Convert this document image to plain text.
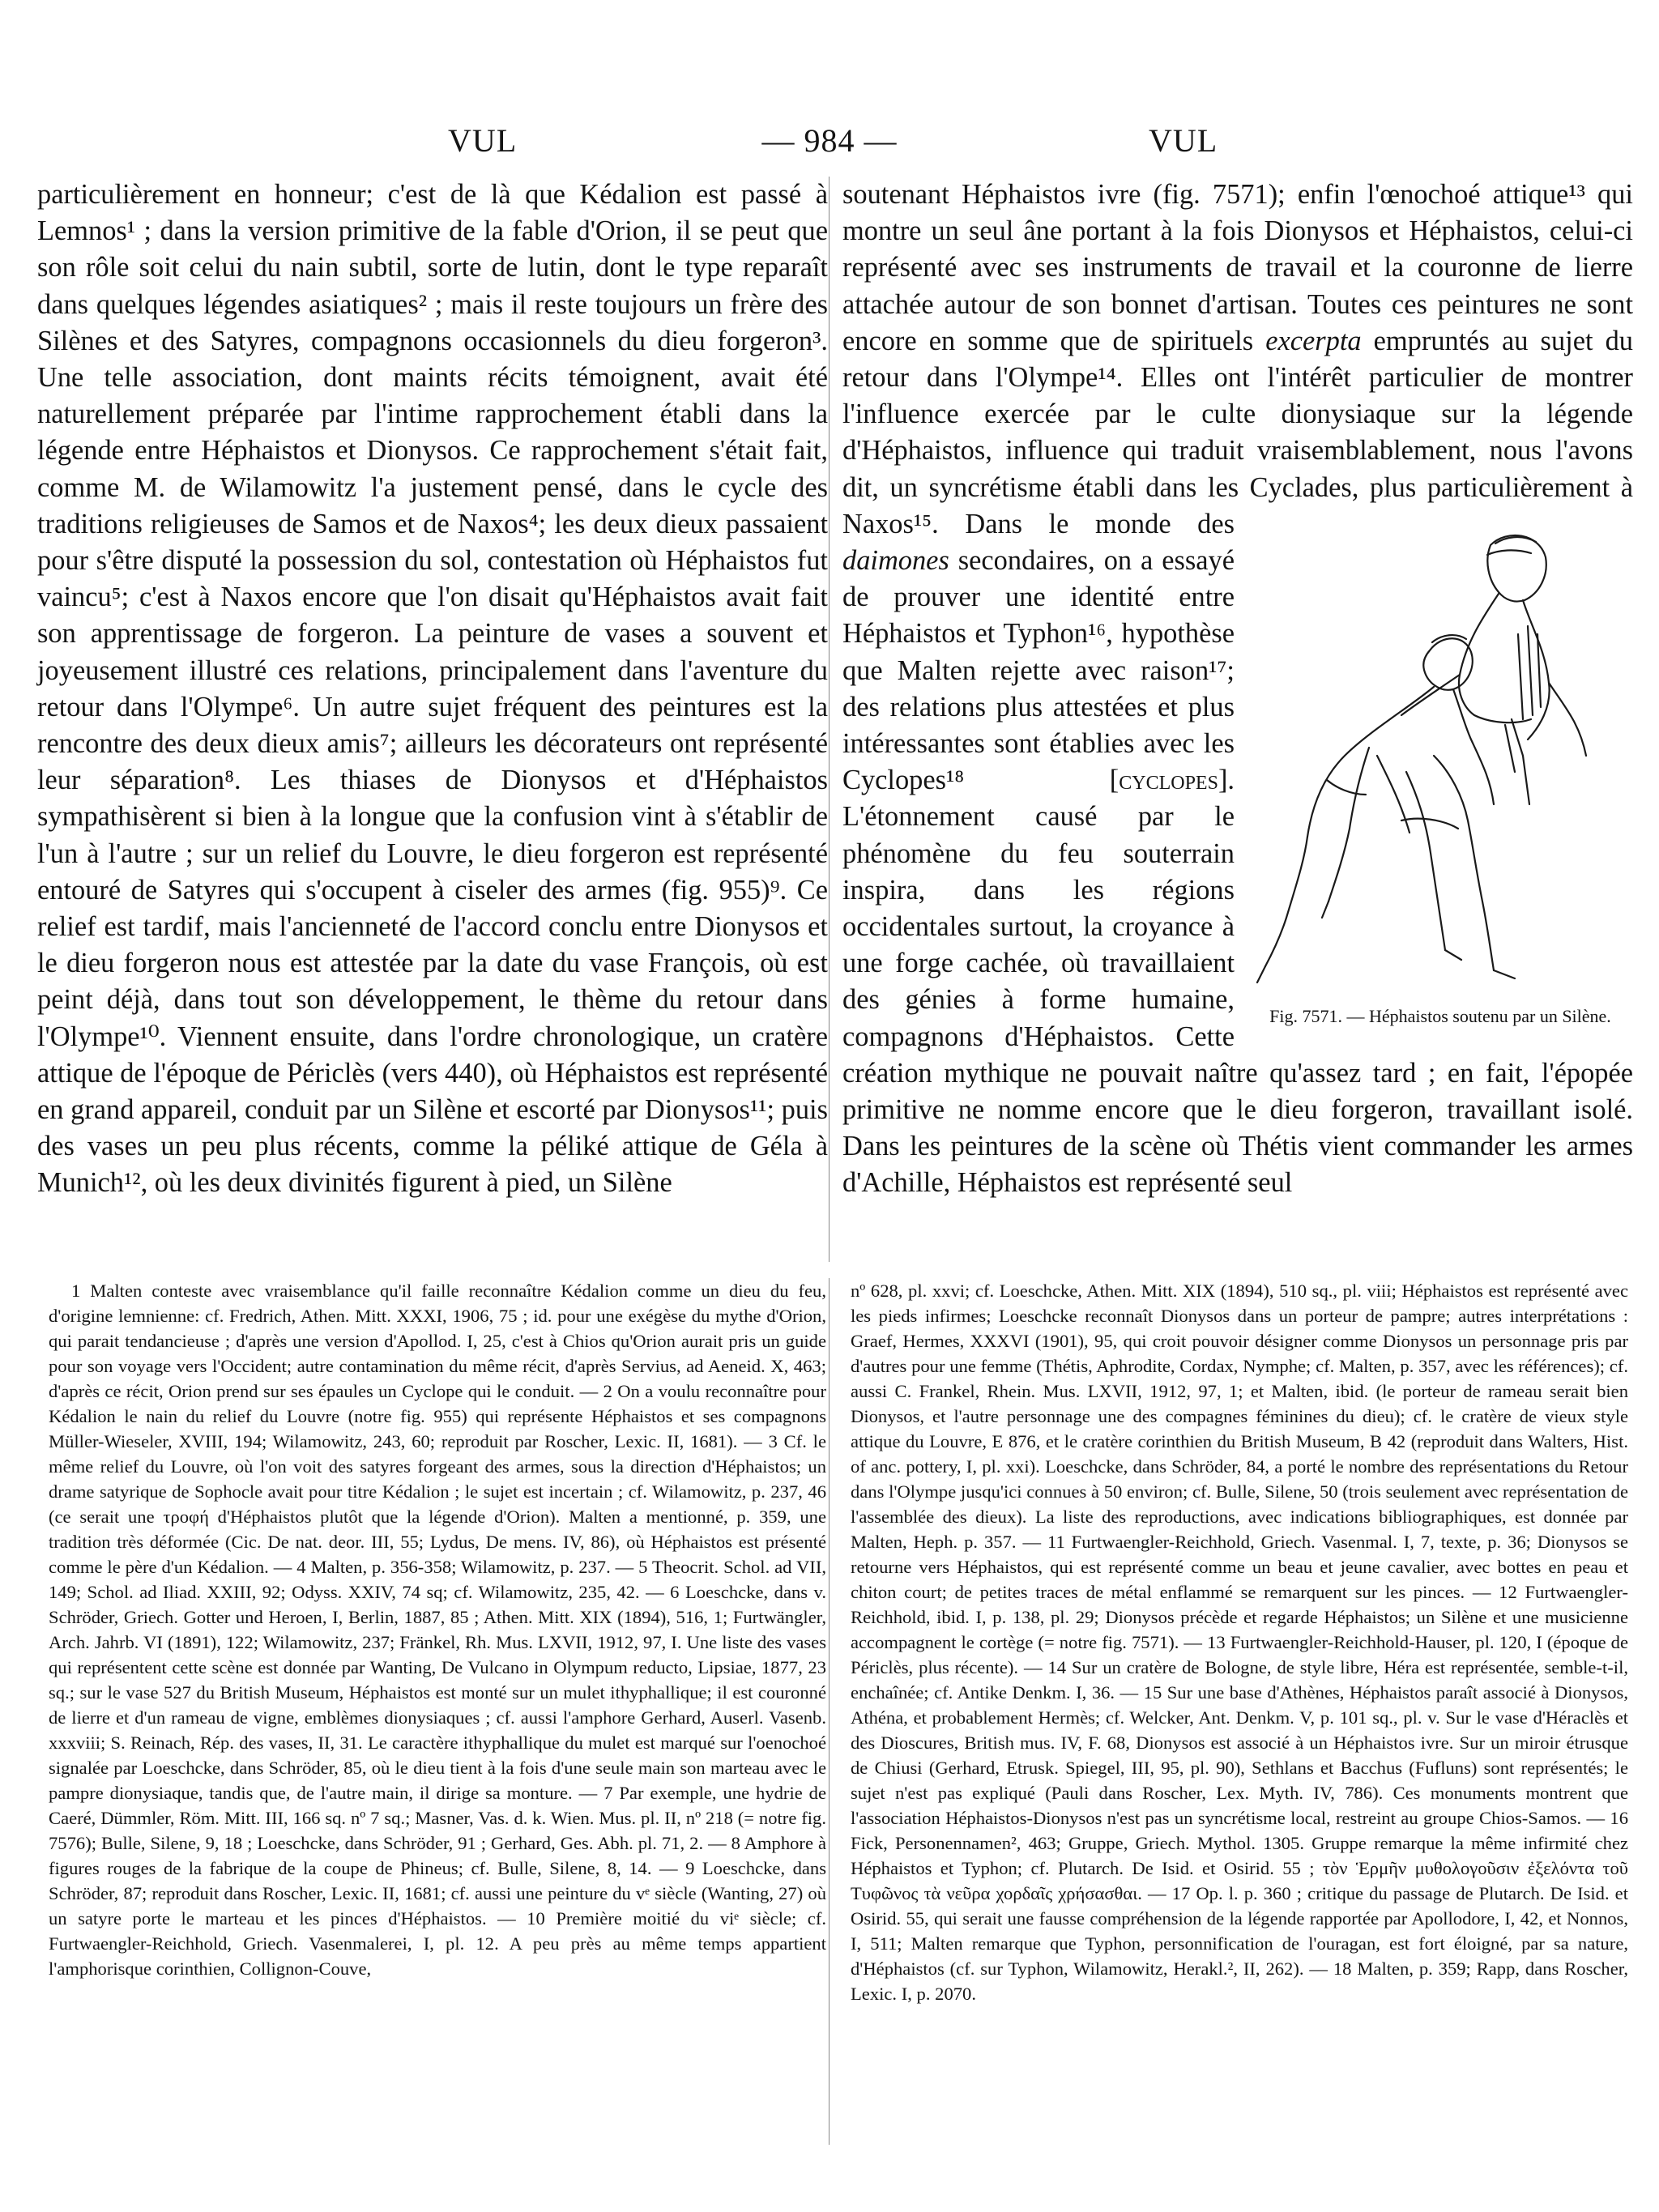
VUL	— 984 —	VUL
particulièrement en honneur; c'est de là que Kédalion est passé à Lemnos¹ ; dans la version primitive de la fable d'Orion, il se peut que son rôle soit celui du nain subtil, sorte de lutin, dont le type reparaît dans quelques légendes asiatiques² ; mais il reste toujours un frère des Silènes et des Satyres, compagnons occasionnels du dieu forgeron³. Une telle association, dont maints récits témoignent, avait été naturellement préparée par l'intime rapprochement établi dans la légende entre Héphaistos et Dionysos. Ce rapprochement s'était fait, comme M. de Wilamowitz l'a justement pensé, dans le cycle des traditions religieuses de Samos et de Naxos⁴; les deux dieux passaient pour s'être disputé la possession du sol, contestation où Héphaistos fut vaincu⁵; c'est à Naxos encore que l'on disait qu'Héphaistos avait fait son apprentissage de forgeron. La peinture de vases a souvent et joyeusement illustré ces relations, principalement dans l'aventure du retour dans l'Olympe⁶. Un autre sujet fréquent des peintures est la rencontre des deux dieux amis⁷; ailleurs les décorateurs ont représenté leur séparation⁸. Les thiases de Dionysos et d'Héphaistos sympathisèrent si bien à la longue que la confusion vint à s'établir de l'un à l'autre ; sur un relief du Louvre, le dieu forgeron est représenté entouré de Satyres qui s'occupent à ciseler des armes (fig. 955)⁹. Ce relief est tardif, mais l'ancienneté de l'accord conclu entre Dionysos et le dieu forgeron nous est attestée par la date du vase François, où est peint déjà, dans tout son développement, le thème du retour dans l'Olympe¹⁰. Viennent ensuite, dans l'ordre chronologique, un cratère attique de l'époque de Périclès (vers 440), où Héphaistos est représenté en grand appareil, conduit par un Silène et escorté par Dionysos¹¹; puis des vases un peu plus récents, comme la péliké attique de Géla à Munich¹², où les deux divinités figurent à pied, un Silène
soutenant Héphaistos ivre (fig. 7571); enfin l'œnochoé attique¹³ qui montre un seul âne portant à la fois Dionysos et Héphaistos, celui-ci représenté avec ses instruments de travail et la couronne de lierre attachée autour de son bonnet d'artisan. Toutes ces peintures ne sont encore en somme que de spirituels excerpta empruntés au sujet du retour dans l'Olympe¹⁴. Elles ont l'intérêt particulier de montrer l'influence exercée par le culte dionysiaque sur la légende d'Héphaistos, influence qui traduit vraisemblablement, nous l'avons dit, un syncrétisme établi dans les Cyclades, plus particulièrement à Naxos¹⁵.
Fig. 7571. — Héphaistos soutenu par un Silène.
Dans le monde des daimones secondaires, on a essayé de prouver une identité entre Héphaistos et Typhon¹⁶, hypothèse que Malten rejette avec raison¹⁷; des relations plus attestées et plus intéressantes sont établies avec les Cyclopes¹⁸ [cyclopes]. L'étonnement causé par le phénomène du feu souterrain inspira, dans les régions occidentales surtout, la croyance à une forge cachée, où travaillaient des génies à forme humaine, compagnons d'Héphaistos. Cette création mythique ne pouvait naître qu'assez tard ; en fait, l'épopée primitive ne nomme encore que le dieu forgeron, travaillant isolé. Dans les peintures de la scène où Thétis vient commander les armes d'Achille, Héphaistos est représenté seul
1 Malten conteste avec vraisemblance qu'il faille reconnaître Kédalion comme un dieu du feu, d'origine lemnienne: cf. Fredrich, Athen. Mitt. XXXI, 1906, 75 ; id. pour une exégèse du mythe d'Orion, qui parait tendancieuse ; d'après une version d'Apollod. I, 25, c'est à Chios qu'Orion aurait pris un guide pour son voyage vers l'Occident; autre contamination du même récit, d'après Servius, ad Aeneid. X, 463; d'après ce récit, Orion prend sur ses épaules un Cyclope qui le conduit. — 2 On a voulu reconnaître pour Kédalion le nain du relief du Louvre (notre fig. 955) qui représente Héphaistos et ses compagnons Müller-Wieseler, XVIII, 194; Wilamowitz, 243, 60; reproduit par Roscher, Lexic. II, 1681). — 3 Cf. le même relief du Louvre, où l'on voit des satyres forgeant des armes, sous la direction d'Héphaistos; un drame satyrique de Sophocle avait pour titre Kédalion ; le sujet est incertain ; cf. Wilamowitz, p. 237, 46 (ce serait une τροφή d'Héphaistos plutôt que la légende d'Orion). Malten a mentionné, p. 359, une tradition très déformée (Cic. De nat. deor. III, 55; Lydus, De mens. IV, 86), où Héphaistos est présenté comme le père d'un Kédalion. — 4 Malten, p. 356-358; Wilamowitz, p. 237. — 5 Theocrit. Schol. ad VII, 149; Schol. ad Iliad. XXIII, 92; Odyss. XXIV, 74 sq; cf. Wilamowitz, 235, 42. — 6 Loeschcke, dans v. Schröder, Griech. Gotter und Heroen, I, Berlin, 1887, 85 ; Athen. Mitt. XIX (1894), 516, 1; Furtwängler, Arch. Jahrb. VI (1891), 122; Wilamowitz, 237; Fränkel, Rh. Mus. LXVII, 1912, 97, I. Une liste des vases qui représentent cette scène est donnée par Wanting, De Vulcano in Olympum reducto, Lipsiae, 1877, 23 sq.; sur le vase 527 du British Museum, Héphaistos est monté sur un mulet ithyphallique; il est couronné de lierre et d'un rameau de vigne, emblèmes dionysiaques ; cf. aussi l'amphore Gerhard, Auserl. Vasenb. xxxviii; S. Reinach, Rép. des vases, II, 31. Le caractère ithyphallique du mulet est marqué sur l'oenochoé signalée par Loeschcke, dans Schröder, 85, où le dieu tient à la fois d'une seule main son marteau avec le pampre dionysiaque, tandis que, de l'autre main, il dirige sa monture. — 7 Par exemple, une hydrie de Caeré, Dümmler, Röm. Mitt. III, 166 sq. nº 7 sq.; Masner, Vas. d. k. Wien. Mus. pl. II, nº 218 (= notre fig. 7576); Bulle, Silene, 9, 18 ; Loeschcke, dans Schröder, 91 ; Gerhard, Ges. Abh. pl. 71, 2. — 8 Amphore à figures rouges de la fabrique de la coupe de Phineus; cf. Bulle, Silene, 8, 14. — 9 Loeschcke, dans Schröder, 87; reproduit dans Roscher, Lexic. II, 1681; cf. aussi une peinture du vᵉ siècle (Wanting, 27) où un satyre porte le marteau et les pinces d'Héphaistos. — 10 Première moitié du viᵉ siècle; cf. Furtwaengler-Reichhold, Griech. Vasenmalerei, I, pl. 12. A peu près au même temps appartient l'amphorisque corinthien, Collignon-Couve,
nº 628, pl. xxvi; cf. Loeschcke, Athen. Mitt. XIX (1894), 510 sq., pl. viii; Héphaistos est représenté avec les pieds infirmes; Loeschcke reconnaît Dionysos dans un porteur de pampre; autres interprétations : Graef, Hermes, XXXVI (1901), 95, qui croit pouvoir désigner comme Dionysos un personnage pris par d'autres pour une femme (Thétis, Aphrodite, Cordax, Nymphe; cf. Malten, p. 357, avec les références); cf. aussi C. Frankel, Rhein. Mus. LXVII, 1912, 97, 1; et Malten, ibid. (le porteur de rameau serait bien Dionysos, et l'autre personnage une des compagnes féminines du dieu); cf. le cratère de vieux style attique du Louvre, E 876, et le cratère corinthien du British Museum, B 42 (reproduit dans Walters, Hist. of anc. pottery, I, pl. xxi). Loeschcke, dans Schröder, 84, a porté le nombre des représentations du Retour dans l'Olympe jusqu'ici connues à 50 environ; cf. Bulle, Silene, 50 (trois seulement avec représentation de l'assemblée des dieux). La liste des reproductions, avec indications bibliographiques, est donnée par Malten, Heph. p. 357. — 11 Furtwaengler-Reichhold, Griech. Vasenmal. I, 7, texte, p. 36; Dionysos se retourne vers Héphaistos, qui est représenté comme un beau et jeune cavalier, avec bottes en peau et chiton court; de petites traces de métal enflammé se remarquent sur les pinces. — 12 Furtwaengler-Reichhold, ibid. I, p. 138, pl. 29; Dionysos précède et regarde Héphaistos; un Silène et une musicienne accompagnent le cortège (= notre fig. 7571). — 13 Furtwaengler-Reichhold-Hauser, pl. 120, I (époque de Périclès, plus récente). — 14 Sur un cratère de Bologne, de style libre, Héra est représentée, semble-t-il, enchaînée; cf. Antike Denkm. I, 36. — 15 Sur une base d'Athènes, Héphaistos paraît associé à Dionysos, Athéna, et probablement Hermès; cf. Welcker, Ant. Denkm. V, p. 101 sq., pl. v. Sur le vase d'Héraclès et des Dioscures, British mus. IV, F. 68, Dionysos est associé à un Héphaistos ivre. Sur un miroir étrusque de Chiusi (Gerhard, Etrusk. Spiegel, III, 95, pl. 90), Sethlans et Bacchus (Fufluns) sont représentés; le sujet n'est pas expliqué (Pauli dans Roscher, Lex. Myth. IV, 786). Ces monuments montrent que l'association Héphaistos-Dionysos n'est pas un syncrétisme local, restreint au groupe Chios-Samos. — 16 Fick, Personennamen², 463; Gruppe, Griech. Mythol. 1305. Gruppe remarque la même infirmité chez Héphaistos et Typhon; cf. Plutarch. De Isid. et Osirid. 55 ; τὸν Ἑρμῆν μυθολογοῦσιν ἐξελόντα τοῦ Τυφῶνος τὰ νεῦρα χορδαῖς χρήσασθαι. — 17 Op. l. p. 360 ; critique du passage de Plutarch. De Isid. et Osirid. 55, qui serait une fausse compréhension de la légende rapportée par Apollodore, I, 42, et Nonnos, I, 511; Malten remarque que Typhon, personnification de l'ouragan, est fort éloigné, par sa nature, d'Héphaistos (cf. sur Typhon, Wilamowitz, Herakl.², II, 262). — 18 Malten, p. 359; Rapp, dans Roscher, Lexic. I, p. 2070.
